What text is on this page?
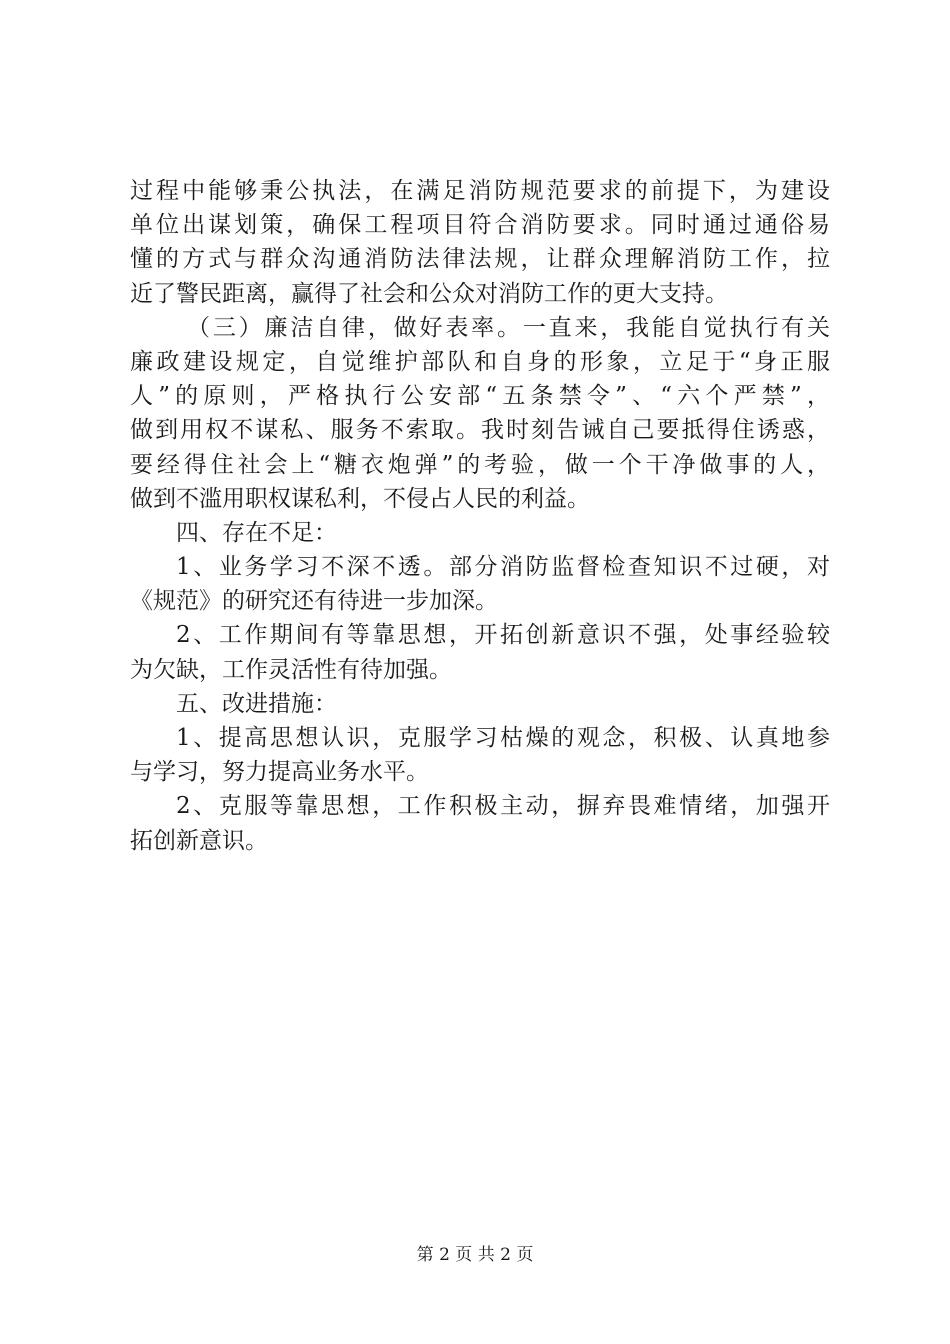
过程中能够秉公执法，在满足消防规范要求的前提下，为建设
单位出谋划策，确保工程项目符合消防要求。同时通过通俗易
懂的方式与群众沟通消防法律法规，让群众理解消防工作，拉
近了警民距离，赢得了社会和公众对消防工作的更大支持。
（三）廉洁自律，做好表率。一直来，我能自觉执行有关
廉政建设规定，自觉维护部队和自身的形象，立足于“身正服
人”的原则，严格执行公安部“五条禁令”、“六个严禁”，
做到用权不谋私、服务不索取。我时刻告诫自己要抵得住诱惑，
要经得住社会上“糖衣炮弹”的考验，做一个干净做事的人，
做到不滥用职权谋私利，不侵占人民的利益。
四、存在不足：
1、业务学习不深不透。部分消防监督检查知识不过硬，对
《规范》的研究还有待进一步加深。
2、工作期间有等靠思想，开拓创新意识不强，处事经验较
为欠缺，工作灵活性有待加强。
五、改进措施：
1、提高思想认识，克服学习枯燥的观念，积极、认真地参
与学习，努力提高业务水平。
2、克服等靠思想，工作积极主动，摒弃畏难情绪，加强开
拓创新意识。
第 2 页 共 2 页
